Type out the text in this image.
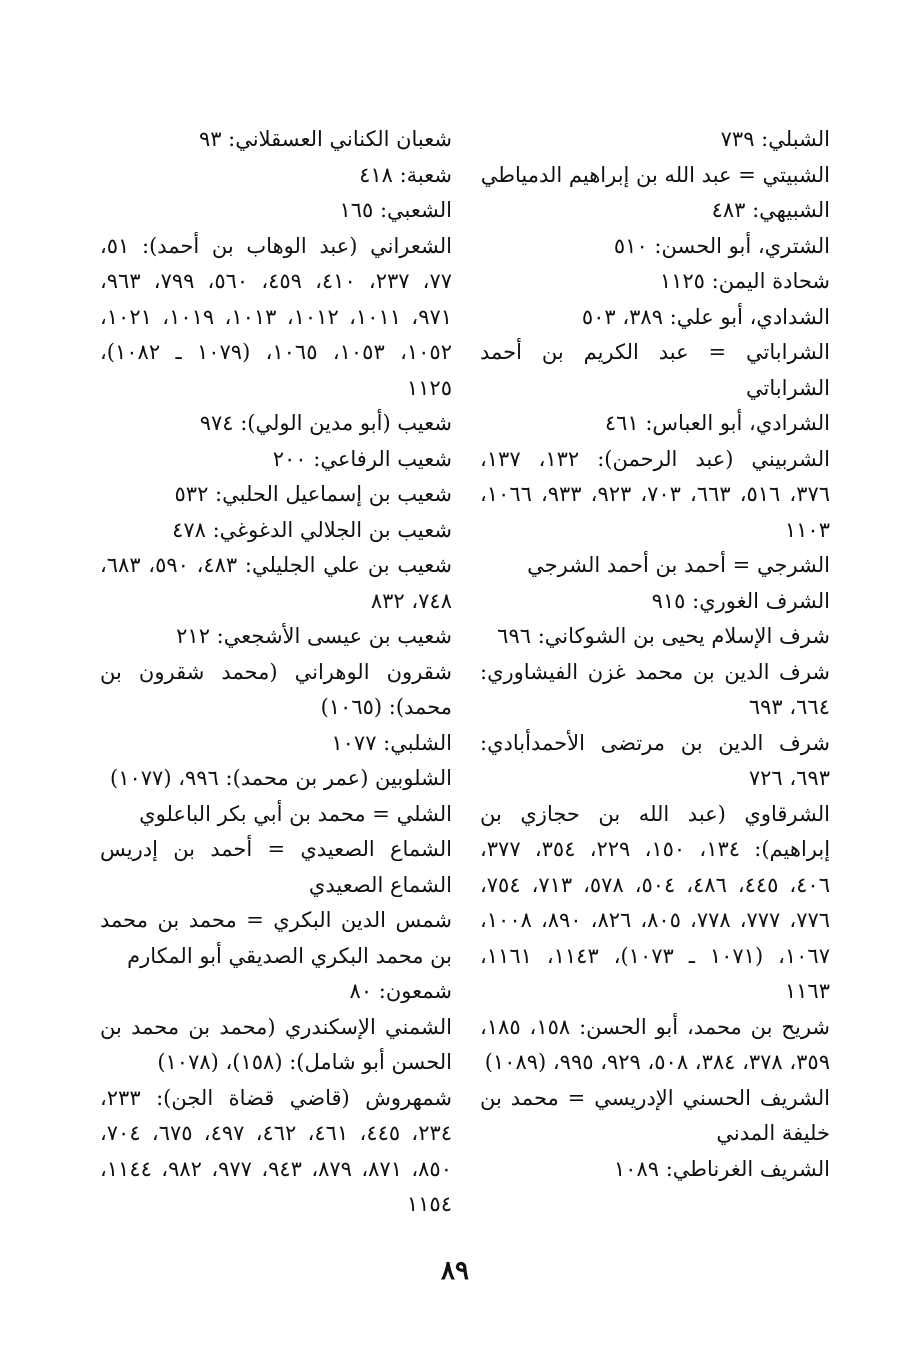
الشبلي: ٧٣٩

الشبيتي = عبد الله بن إبراهيم الدمياطي

الشبيهي: ٤٨٣

الشتري، أبو الحسن: ٥١٠

شحادة اليمن: ١١٢٥

الشدادي، أبو علي: ٣٨٩، ٥٠٣

الشراباتي = عبد الكريم بن أحمد الشراباتي

الشرادي، أبو العباس: ٤٦١

الشربيني (عبد الرحمن): ١٣٢، ١٣٧، ٣٧٦، ٥١٦، ٦٦٣، ٧٠٣، ٩٢٣، ٩٣٣، ١٠٦٦، ١١٠٣

الشرجي = أحمد بن أحمد الشرجي

الشرف الغوري: ٩١٥

شرف الإسلام يحيى بن الشوكاني: ٦٩٦

شرف الدين بن محمد غزن الفيشاوري: ٦٦٤، ٦٩٣

شرف الدين بن مرتضى الأحمدأبادي: ٦٩٣، ٧٢٦

الشرقاوي (عبد الله بن حجازي بن إبراهيم): ١٣٤، ١٥٠، ٢٢٩، ٣٥٤، ٣٧٧، ٤٠٦، ٤٤٥، ٤٨٦، ٥٠٤، ٥٧٨، ٧١٣، ٧٥٤، ٧٧٦، ٧٧٧، ٧٧٨، ٨٠٥، ٨٢٦، ٨٩٠، ١٠٠٨، ١٠٦٧، (١٠٧١ ـ ١٠٧٣)، ١١٤٣، ١١٦١، ١١٦٣

شريح بن محمد، أبو الحسن: ١٥٨، ١٨٥، ٣٥٩، ٣٧٨، ٣٨٤، ٥٠٨، ٩٢٩، ٩٩٥، (١٠٨٩)

الشريف الحسني الإدريسي = محمد بن خليفة المدني

الشريف الغرناطي: ١٠٨٩

شعبان الكناني العسقلاني: ٩٣

شعبة: ٤١٨

الشعبي: ١٦٥

الشعراني (عبد الوهاب بن أحمد): ٥١، ٧٧، ٢٣٧، ٤١٠، ٤٥٩، ٥٦٠، ٧٩٩، ٩٦٣، ٩٧١، ١٠١١، ١٠١٢، ١٠١٣، ١٠١٩، ١٠٢١، ١٠٥٢، ١٠٥٣، ١٠٦٥، (١٠٧٩ ـ ١٠٨٢)، ١١٢٥

شعيب (أبو مدين الولي): ٩٧٤

شعيب الرفاعي: ٢٠٠

شعيب بن إسماعيل الحلبي: ٥٣٢

شعيب بن الجلالي الدغوغي: ٤٧٨

شعيب بن علي الجليلي: ٤٨٣، ٥٩٠، ٦٨٣، ٧٤٨، ٨٣٢

شعيب بن عيسى الأشجعي: ٢١٢

شقرون الوهراني (محمد شقرون بن محمد): (١٠٦٥)

الشلبي: ١٠٧٧

الشلوبين (عمر بن محمد): ٩٩٦، (١٠٧٧)

الشلي = محمد بن أبي بكر الباعلوي

الشماع الصعيدي = أحمد بن إدريس الشماع الصعيدي

شمس الدين البكري = محمد بن محمد بن محمد البكري الصديقي أبو المكارم

شمعون: ٨٠

الشمني الإسكندري (محمد بن محمد بن الحسن أبو شامل): (١٥٨)، (١٠٧٨)

شمهروش (قاضي قضاة الجن): ٢٣٣، ٢٣٤، ٤٤٥، ٤٦١، ٤٦٢، ٤٩٧، ٦٧٥، ٧٠٤، ٨٥٠، ٨٧١، ٨٧٩، ٩٤٣، ٩٧٧، ٩٨٢، ١١٤٤، ١١٥٤

٨٩
